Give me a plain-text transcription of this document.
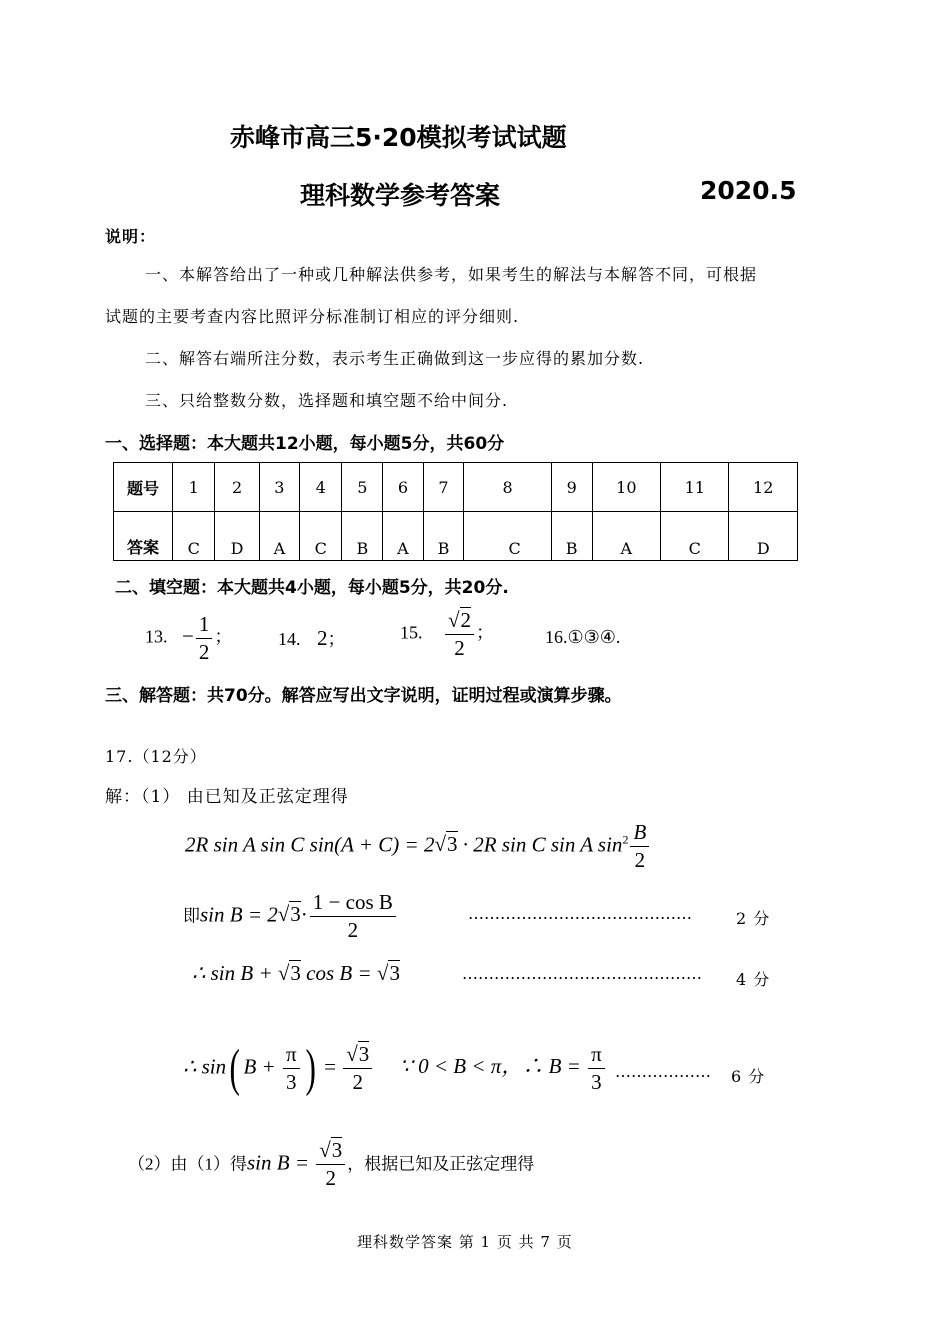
赤峰市高三5·20模拟考试试题
理科数学参考答案	2020.5
说明：
一、本解答给出了一种或几种解法供参考，如果考生的解法与本解答不同，可根据
试题的主要考查内容比照评分标准制订相应的评分细则.
二、解答右端所注分数，表示考生正确做到这一步应得的累加分数.
三、只给整数分数，选择题和填空题不给中间分.
一、选择题：本大题共12小题，每小题5分，共60分
题号	1	2	3	4	5	6	7	8	9	10	11	12
答案	C	D	A	C	B	A	B	C	B	A	C	D
二、填空题：本大题共4小题，每小题5分，共20分.
13. − $\frac{1}{2}$ ；	14. 2；	15. $\frac{√2}{2}$ ；	16.①③④.
三、解答题：共70分。解答应写出文字说明，证明过程或演算步骤。
17.（12分）
解：（1） 由已知及正弦定理得
2R sin A sin C sin(A + C) = 2√3 · 2R sin C sin A $\sin^2 \frac{B}{2}$
即$\sin B = 2√3\cdot \frac{\text{1 − cos B}}{2}$	……………………………………	2 分
∴ sin B + √3 cos B = √3	……………………………………… 4 分
∴ sin( $B + \frac{\pi}{3}$ ) = $\frac{√3}{2}$ ∵ 0 < B < π，∴ $B = \frac{\pi}{3}$ ……………… 6 分
（2）由（1）得$\sin B = \frac{√3}{2}$ ，根据已知及正弦定理得
理科数学答案 第 1 页 共 7 页
